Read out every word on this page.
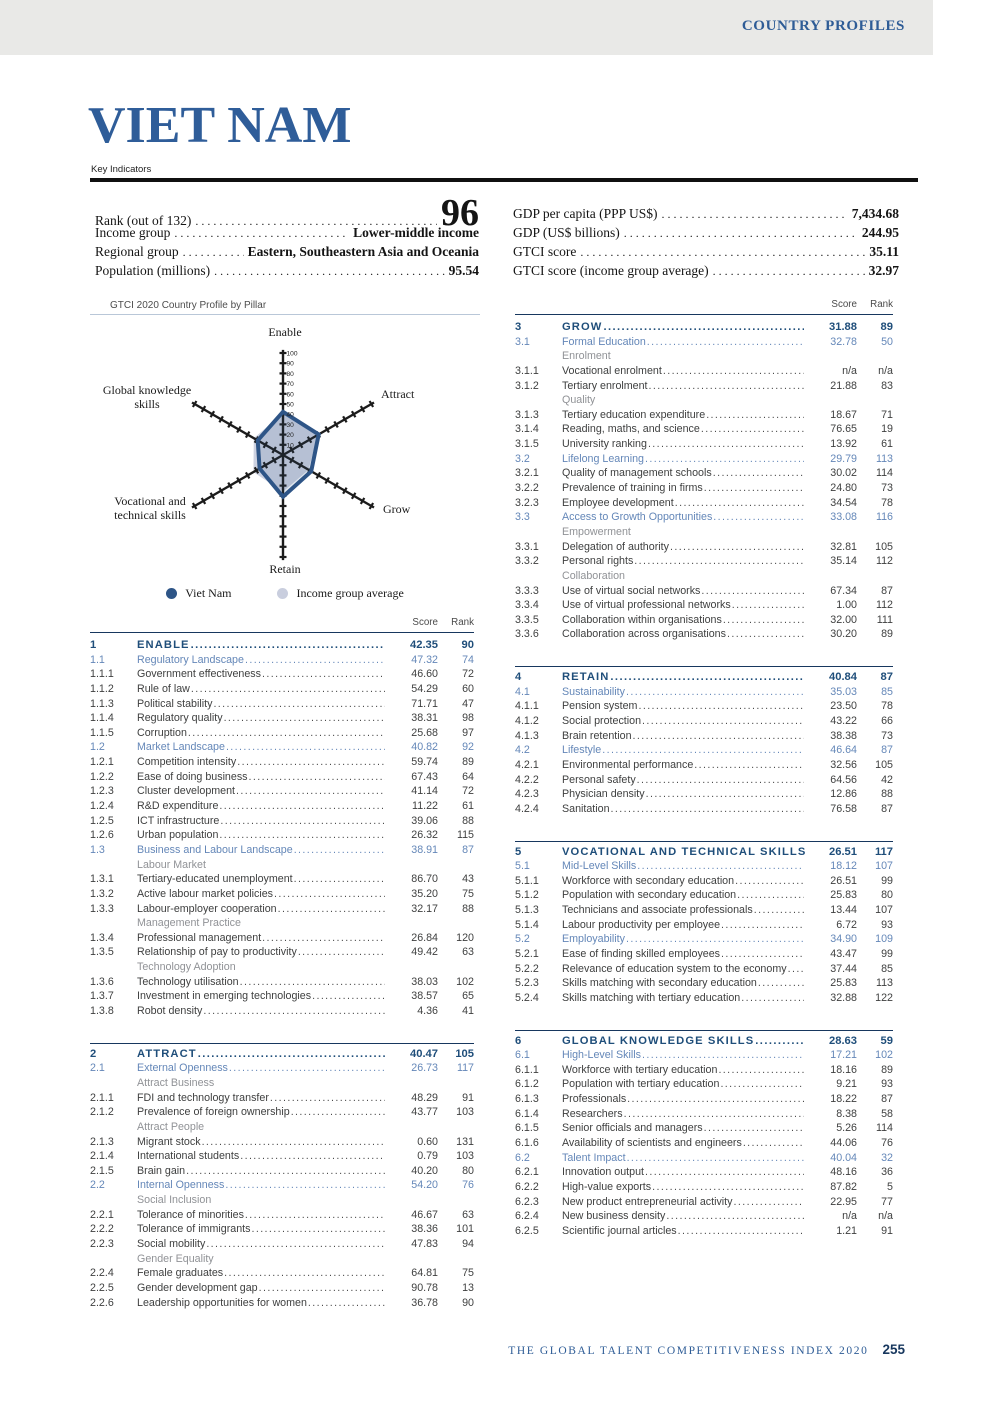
COUNTRY PROFILES
VIET NAM
Key Indicators
Rank (out of 132) .....	96
Income group .....	Lower-middle income
Regional group .....	Eastern, Southeastern Asia and Oceania
Population (millions) .....	95.54
GDP per capita (PPP US$) .....	7,434.68
GDP (US$ billions) .....	244.95
GTCI score .....	35.11
GTCI score (income group average) .....	32.97
GTCI 2020 Country Profile by Pillar
10
20
30
40
50
60
70
80
90
100
Enable
Attract
Grow
Retain
Vocational and technical skills
Global knowledge skills
Viet Nam	Income group average
Score	Rank
1	ENABLE .....	42.35	90
1.1	Regulatory Landscape .....	47.32	74
1.1.1	Government effectiveness .....	46.60	72
1.1.2	Rule of law .....	54.29	60
1.1.3	Political stability .....	71.71	47
1.1.4	Regulatory quality .....	38.31	98
1.1.5	Corruption .....	25.68	97
1.2	Market Landscape .....	40.82	92
1.2.1	Competition intensity .....	59.74	89
1.2.2	Ease of doing business .....	67.43	64
1.2.3	Cluster development .....	41.14	72
1.2.4	R&D expenditure .....	11.22	61
1.2.5	ICT infrastructure .....	39.06	88
1.2.6	Urban population .....	26.32	115
1.3	Business and Labour Landscape .....	38.91	87
Labour Market
1.3.1	Tertiary-educated unemployment .....	86.70	43
1.3.2	Active labour market policies .....	35.20	75
1.3.3	Labour-employer cooperation .....	32.17	88
Management Practice
1.3.4	Professional management .....	26.84	120
1.3.5	Relationship of pay to productivity .....	49.42	63
Technology Adoption
1.3.6	Technology utilisation .....	38.03	102
1.3.7	Investment in emerging technologies .....	38.57	65
1.3.8	Robot density .....	4.36	41
2	ATTRACT .....	40.47	105
2.1	External Openness .....	26.73	117
Attract Business
2.1.1	FDI and technology transfer .....	48.29	91
2.1.2	Prevalence of foreign ownership .....	43.77	103
Attract People
2.1.3	Migrant stock .....	0.60	131
2.1.4	International students .....	0.79	103
2.1.5	Brain gain .....	40.20	80
2.2	Internal Openness .....	54.20	76
Social Inclusion
2.2.1	Tolerance of minorities .....	46.67	63
2.2.2	Tolerance of immigrants .....	38.36	101
2.2.3	Social mobility .....	47.83	94
Gender Equality
2.2.4	Female graduates .....	64.81	75
2.2.5	Gender development gap .....	90.78	13
2.2.6	Leadership opportunities for women .....	36.78	90
Score	Rank
3	GROW .....	31.88	89
3.1	Formal Education .....	32.78	50
Enrolment
3.1.1	Vocational enrolment .....	n/a	n/a
3.1.2	Tertiary enrolment .....	21.88	83
Quality
3.1.3	Tertiary education expenditure .....	18.67	71
3.1.4	Reading, maths, and science .....	76.65	19
3.1.5	University ranking .....	13.92	61
3.2	Lifelong Learning .....	29.79	113
3.2.1	Quality of management schools .....	30.02	114
3.2.2	Prevalence of training in firms .....	24.80	73
3.2.3	Employee development .....	34.54	78
3.3	Access to Growth Opportunities .....	33.08	116
Empowerment
3.3.1	Delegation of authority .....	32.81	105
3.3.2	Personal rights .....	35.14	112
Collaboration
3.3.3	Use of virtual social networks .....	67.34	87
3.3.4	Use of virtual professional networks .....	1.00	112
3.3.5	Collaboration within organisations .....	32.00	111
3.3.6	Collaboration across organisations .....	30.20	89
4	RETAIN .....	40.84	87
4.1	Sustainability .....	35.03	85
4.1.1	Pension system .....	23.50	78
4.1.2	Social protection .....	43.22	66
4.1.3	Brain retention .....	38.38	73
4.2	Lifestyle .....	46.64	87
4.2.1	Environmental performance .....	32.56	105
4.2.2	Personal safety .....	64.56	42
4.2.3	Physician density .....	12.86	88
4.2.4	Sanitation .....	76.58	87
5	VOCATIONAL AND TECHNICAL SKILLS	26.51	117
5.1	Mid-Level Skills .....	18.12	107
5.1.1	Workforce with secondary education .....	26.51	99
5.1.2	Population with secondary education .....	25.83	80
5.1.3	Technicians and associate professionals .....	13.44	107
5.1.4	Labour productivity per employee .....	6.72	93
5.2	Employability .....	34.90	109
5.2.1	Ease of finding skilled employees .....	43.47	99
5.2.2	Relevance of education system to the economy .....	37.44	85
5.2.3	Skills matching with secondary education .....	25.83	113
5.2.4	Skills matching with tertiary education .....	32.88	122
6	GLOBAL KNOWLEDGE SKILLS .....	28.63	59
6.1	High-Level Skills .....	17.21	102
6.1.1	Workforce with tertiary education .....	18.16	89
6.1.2	Population with tertiary education .....	9.21	93
6.1.3	Professionals .....	18.22	87
6.1.4	Researchers .....	8.38	58
6.1.5	Senior officials and managers .....	5.26	114
6.1.6	Availability of scientists and engineers .....	44.06	76
6.2	Talent Impact .....	40.04	32
6.2.1	Innovation output .....	48.16	36
6.2.2	High-value exports .....	87.82	5
6.2.3	New product entrepreneurial activity .....	22.95	77
6.2.4	New business density .....	n/a	n/a
6.2.5	Scientific journal articles .....	1.21	91
THE GLOBAL TALENT COMPETITIVENESS INDEX 2020 255
